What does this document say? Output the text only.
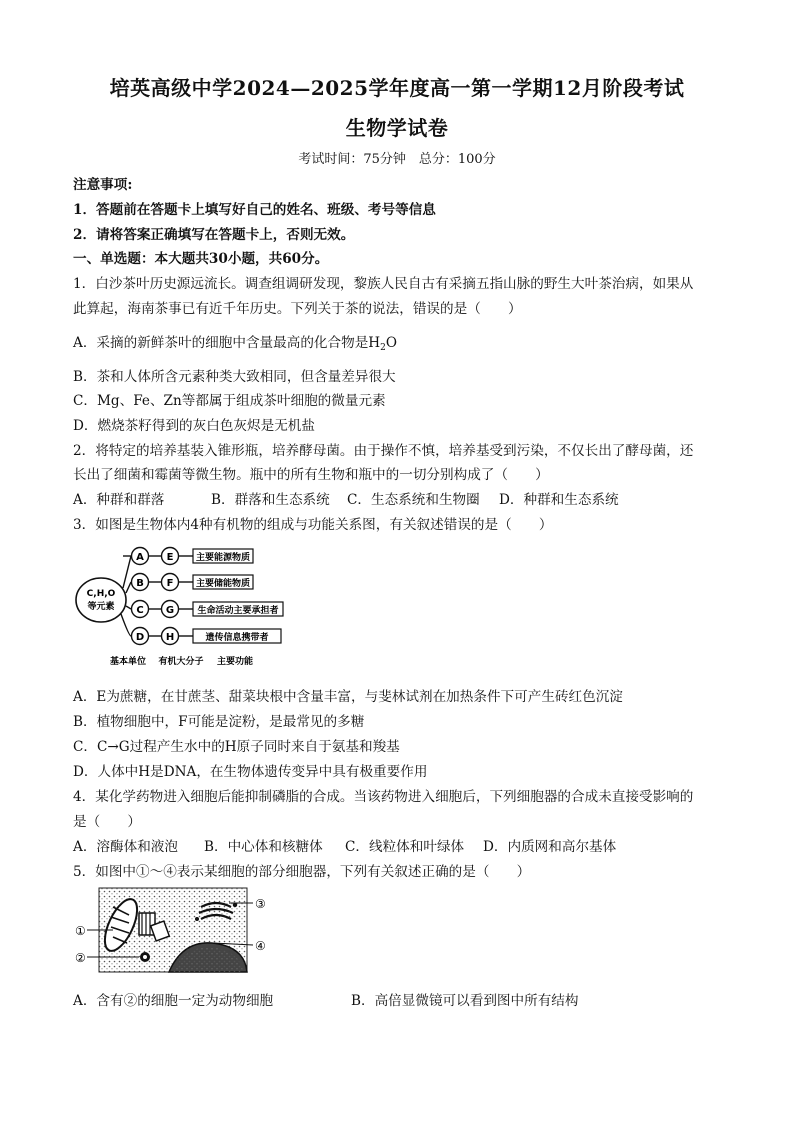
培英高级中学2024—2025学年度高一第一学期12月阶段考试
生物学试卷
考试时间：75分钟　总分：100分
注意事项:
1．答题前在答题卡上填写好自己的姓名、班级、考号等信息
2．请将答案正确填写在答题卡上，否则无效。
一、单选题：本大题共30小题，共60分。
1．白沙茶叶历史源远流长。调查组调研发现，黎族人民自古有采摘五指山脉的野生大叶茶治病，如果从
此算起，海南茶事已有近千年历史。下列关于茶的说法，错误的是（　　）
A．采摘的新鲜茶叶的细胞中含量最高的化合物是$H_2O$
B．茶和人体所含元素种类大致相同，但含量差异很大
C．Mg、Fe、Zn等都属于组成茶叶细胞的微量元素
D．燃烧茶籽得到的灰白色灰烬是无机盐
2．将特定的培养基装入锥形瓶，培养酵母菌。由于操作不慎，培养基受到污染，不仅长出了酵母菌，还
长出了细菌和霉菌等微生物。瓶中的所有生物和瓶中的一切分别构成了（　　）
A．种群和群落	B．群落和生态系统 C．生态系统和生物圈 D．种群和生态系统
3．如图是生物体内4种有机物的组成与功能关系图，有关叙述错误的是（　　）
C,H,O
等元素
A E	主要能源物质
B F	主要储能物质
C G	生命活动主要承担者
D H	遗传信息携带者
基本单位 有机大分子 主要功能
A．E为蔗糖，在甘蔗茎、甜菜块根中含量丰富，与斐林试剂在加热条件下可产生砖红色沉淀
B．植物细胞中，F可能是淀粉，是最常见的多糖
C．C→G过程产生水中的H原子同时来自于氨基和羧基
D．人体中H是DNA，在生物体遗传变异中具有极重要作用
4．某化学药物进入细胞后能抑制磷脂的合成。当该药物进入细胞后，下列细胞器的合成未直接受影响的
是（　　）
A．溶酶体和液泡 B．中心体和核糖体 C．线粒体和叶绿体 D．内质网和高尔基体
5．如图中①～④表示某细胞的部分细胞器，下列有关叙述正确的是（　　）
①
②
③
④
A．含有②的细胞一定为动物细胞	B．高倍显微镜可以看到图中所有结构
